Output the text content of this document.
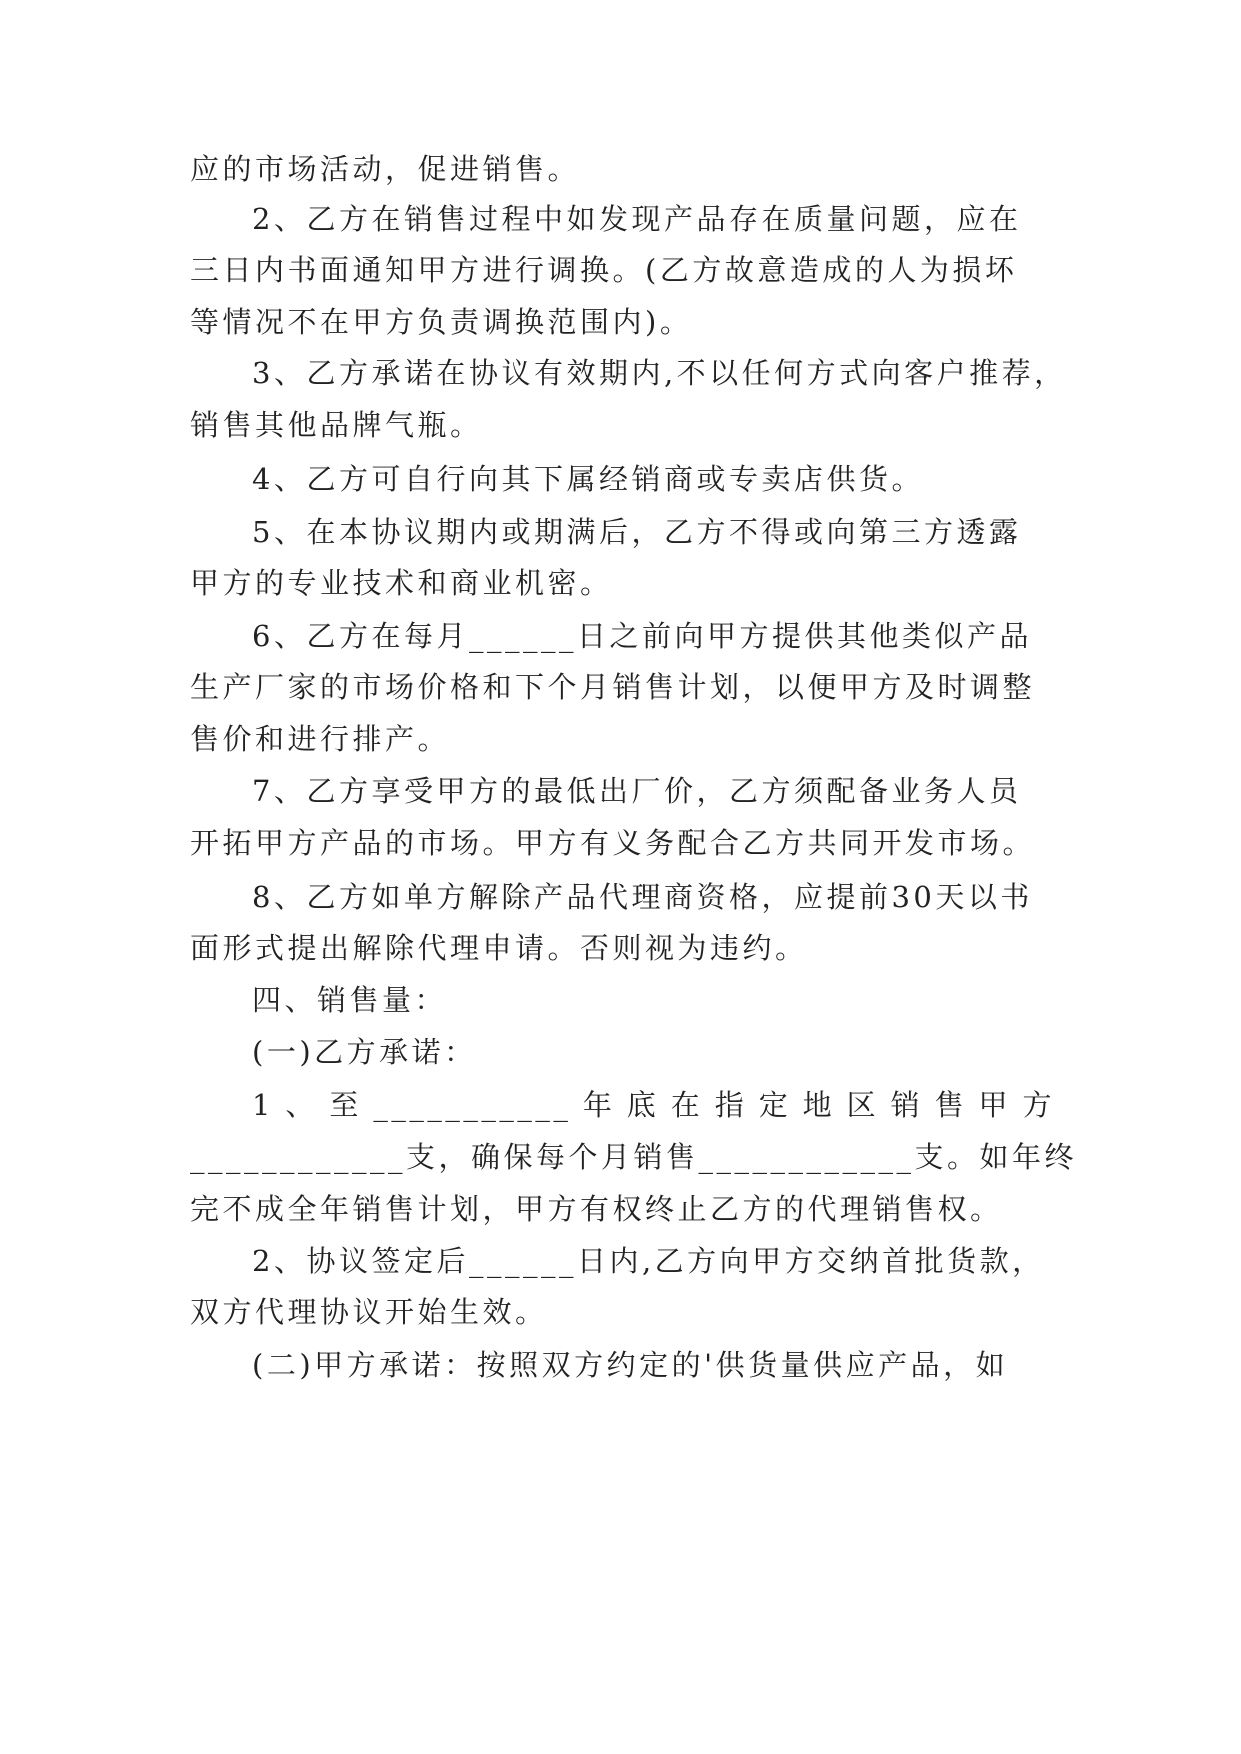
应的市场活动，促进销售。
2、乙方在销售过程中如发现产品存在质量问题，应在
三日内书面通知甲方进行调换。(乙方故意造成的人为损坏
等情况不在甲方负责调换范围内)。
3、乙方承诺在协议有效期内,不以任何方式向客户推荐，
销售其他品牌气瓶。
4、乙方可自行向其下属经销商或专卖店供货。
5、在本协议期内或期满后，乙方不得或向第三方透露
甲方的专业技术和商业机密。
6、乙方在每月______日之前向甲方提供其他类似产品
生产厂家的市场价格和下个月销售计划，以便甲方及时调整
售价和进行排产。
7、乙方享受甲方的最低出厂价，乙方须配备业务人员
开拓甲方产品的市场。甲方有义务配合乙方共同开发市场。
8、乙方如单方解除产品代理商资格，应提前30天以书
面形式提出解除代理申请。否则视为违约。
四、销售量：
(一)乙方承诺：
1、至___________年底在指定地区销售甲方
____________支，确保每个月销售____________支。如年终
完不成全年销售计划，甲方有权终止乙方的代理销售权。
2、协议签定后______日内,乙方向甲方交纳首批货款，
双方代理协议开始生效。
(二)甲方承诺：按照双方约定的'供货量供应产品，如
